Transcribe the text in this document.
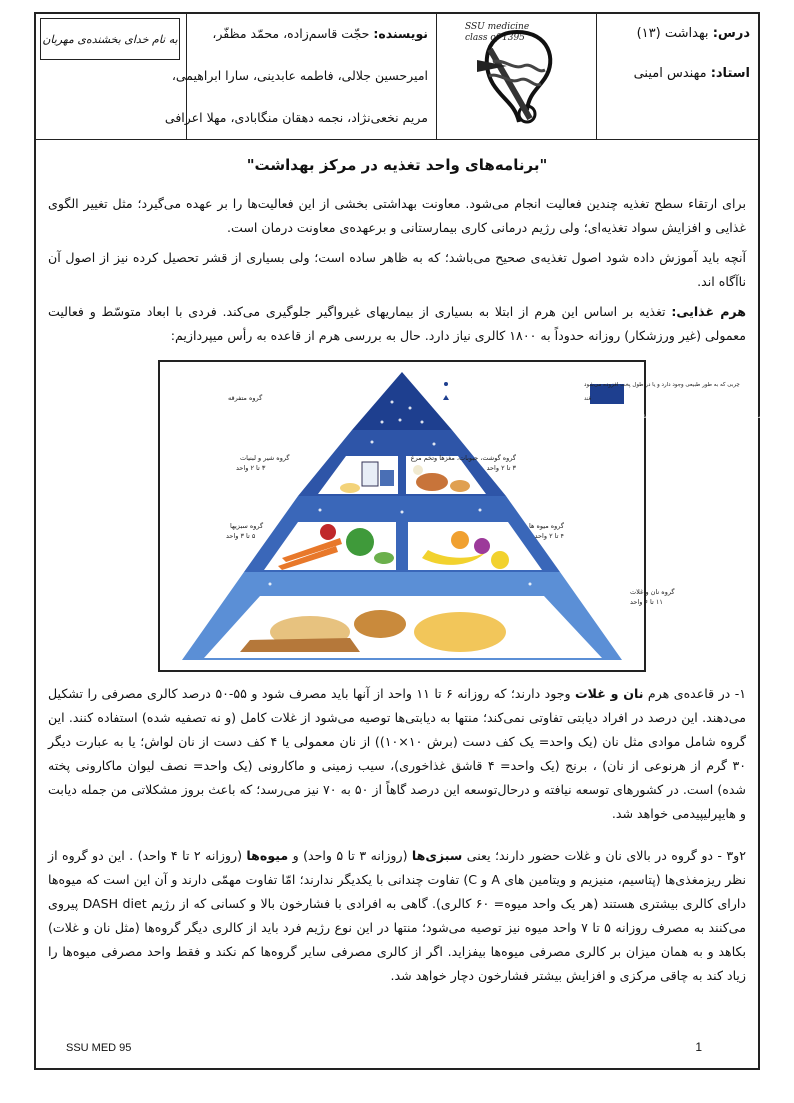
درس: بهداشت (۱۳)
استاد: مهندس امینی
SSU medicine
class of 1395
نویسنده: حجّت قاسم‌زاده، محمّد مظفّر،
امیرحسین جلالی، فاطمه عابدینی، سارا ابراهیمی،
مریم نخعی‌نژاد، نجمه دهقان منگابادی، مهلا اعرافی
به نام خدای بخشنده‌ی مهربان
"برنامه‌های واحد تغذیه در مرکز بهداشت"
برای ارتقاء سطح تغذیه چندین فعالیت انجام می‌شود. معاونت بهداشتی بخشی از این فعالیت‌ها را بر عهده می‌گیرد؛ مثل تغییر الگوی غذایی و افزایش سواد تغذیه‌ای؛ ولی رژیم درمانی کاری بیمارستانی و برعهده‌ی معاونت درمان است.
آنچه باید آموزش داده شود اصول تغذیه‌ی صحیح می‌باشد؛ که به ظاهر ساده است؛ ولی بسیاری از قشر تحصیل کرده نیز از اصول آن ناآگاه اند.
هرم غذایی: تغذیه بر اساس این هرم از ابتلا به بسیاری از بیماریهای غیرواگیر جلوگیری می‌کند. فردی با ابعاد متوسّط و فعالیت معمولی (غیر ورزشکار) روزانه حدوداً به ۱۸۰۰ کالری نیاز دارد. حال به بررسی هرم از قاعده به رأس میپردازیم:
چربی که به طور طبیعی وجود دارد و یا در طول پخت افزوده می‌شود
قند
این علائم، نشان میدهد که قندها و چربی‌ها، در سایر گروههای غذایی نیز وجود دارند.
گروه متفرقه
گروه شیر و لبنیات
۳ تا ۲ واحد
گروه گوشت، حبوبات، مغزها وتخم مرغ
۳ تا ۲ واحد
گروه سبزیها
۵ تا ۳ واحد
گروه میوه ها
۴ تا ۲ واحد
گروه نان و غلات
۱۱ تا ۶ واحد
۱- در قاعده‌ی هرم نان و غلات وجود دارند؛ که روزانه ۶ تا ۱۱ واحد از آنها باید مصرف شود و ۵۵-۵۰ درصد کالری مصرفی را تشکیل می‌دهند. این درصد در افراد دیابتی تفاوتی نمی‌کند؛ منتها به دیابتی‌ها توصیه می‌شود از غلات کامل (و نه تصفیه شده) استفاده کنند. این گروه شامل موادی مثل نان (یک واحد= یک کف دست (برش ۱۰×۱۰)) از نان معمولی یا ۴ کف دست از نان لواش؛ یا به عبارت دیگر ۳۰ گرم از هرنوعی از نان) ، برنج (یک واحد= ۴ قاشق غذاخوری)، سیب زمینی و ماکارونی (یک واحد= نصف لیوان ماکارونی پخته شده) است. در کشورهای توسعه نیافته و درحال‌توسعه این درصد گاهاً از ۵۰ به ۷۰ نیز می‌رسد؛ که باعث بروز مشکلاتی من جمله دیابت و هایپرلیپیدمی خواهد شد.
۲و۳ - دو گروه در بالای نان و غلات حضور دارند؛ یعنی سبزی‌ها (روزانه ۳ تا ۵ واحد) و میوه‌ها (روزانه ۲ تا ۴ واحد) . این دو گروه از نظر ریزمغذی‌ها (پتاسیم، منیزیم و ویتامین های A و C) تفاوت چندانی با یکدیگر ندارند؛ امّا تفاوت مهمّی دارند و آن این است که میوه‌ها دارای کالری بیشتری هستند (هر یک واحد میوه= ۶۰ کالری). گاهی به افرادی با فشارخون بالا و کسانی که از رژیم DASH diet پیروی می‌کنند به مصرف روزانه ۵ تا ۷ واحد میوه نیز توصیه می‌شود؛ منتها در این نوع رژیم فرد باید از کالری دیگر گروه‌ها (مثل نان و غلات) بکاهد و به همان میزان بر کالری مصرفی میوه‌ها بیفزاید. اگر از کالری مصرفی سایر گروه‌ها کم نکند و فقط واحد مصرفی میوه‌ها را زیاد کند به چاقی مرکزی و افزایش بیشتر فشارخون دچار خواهد شد.
SSU MED 95	1
